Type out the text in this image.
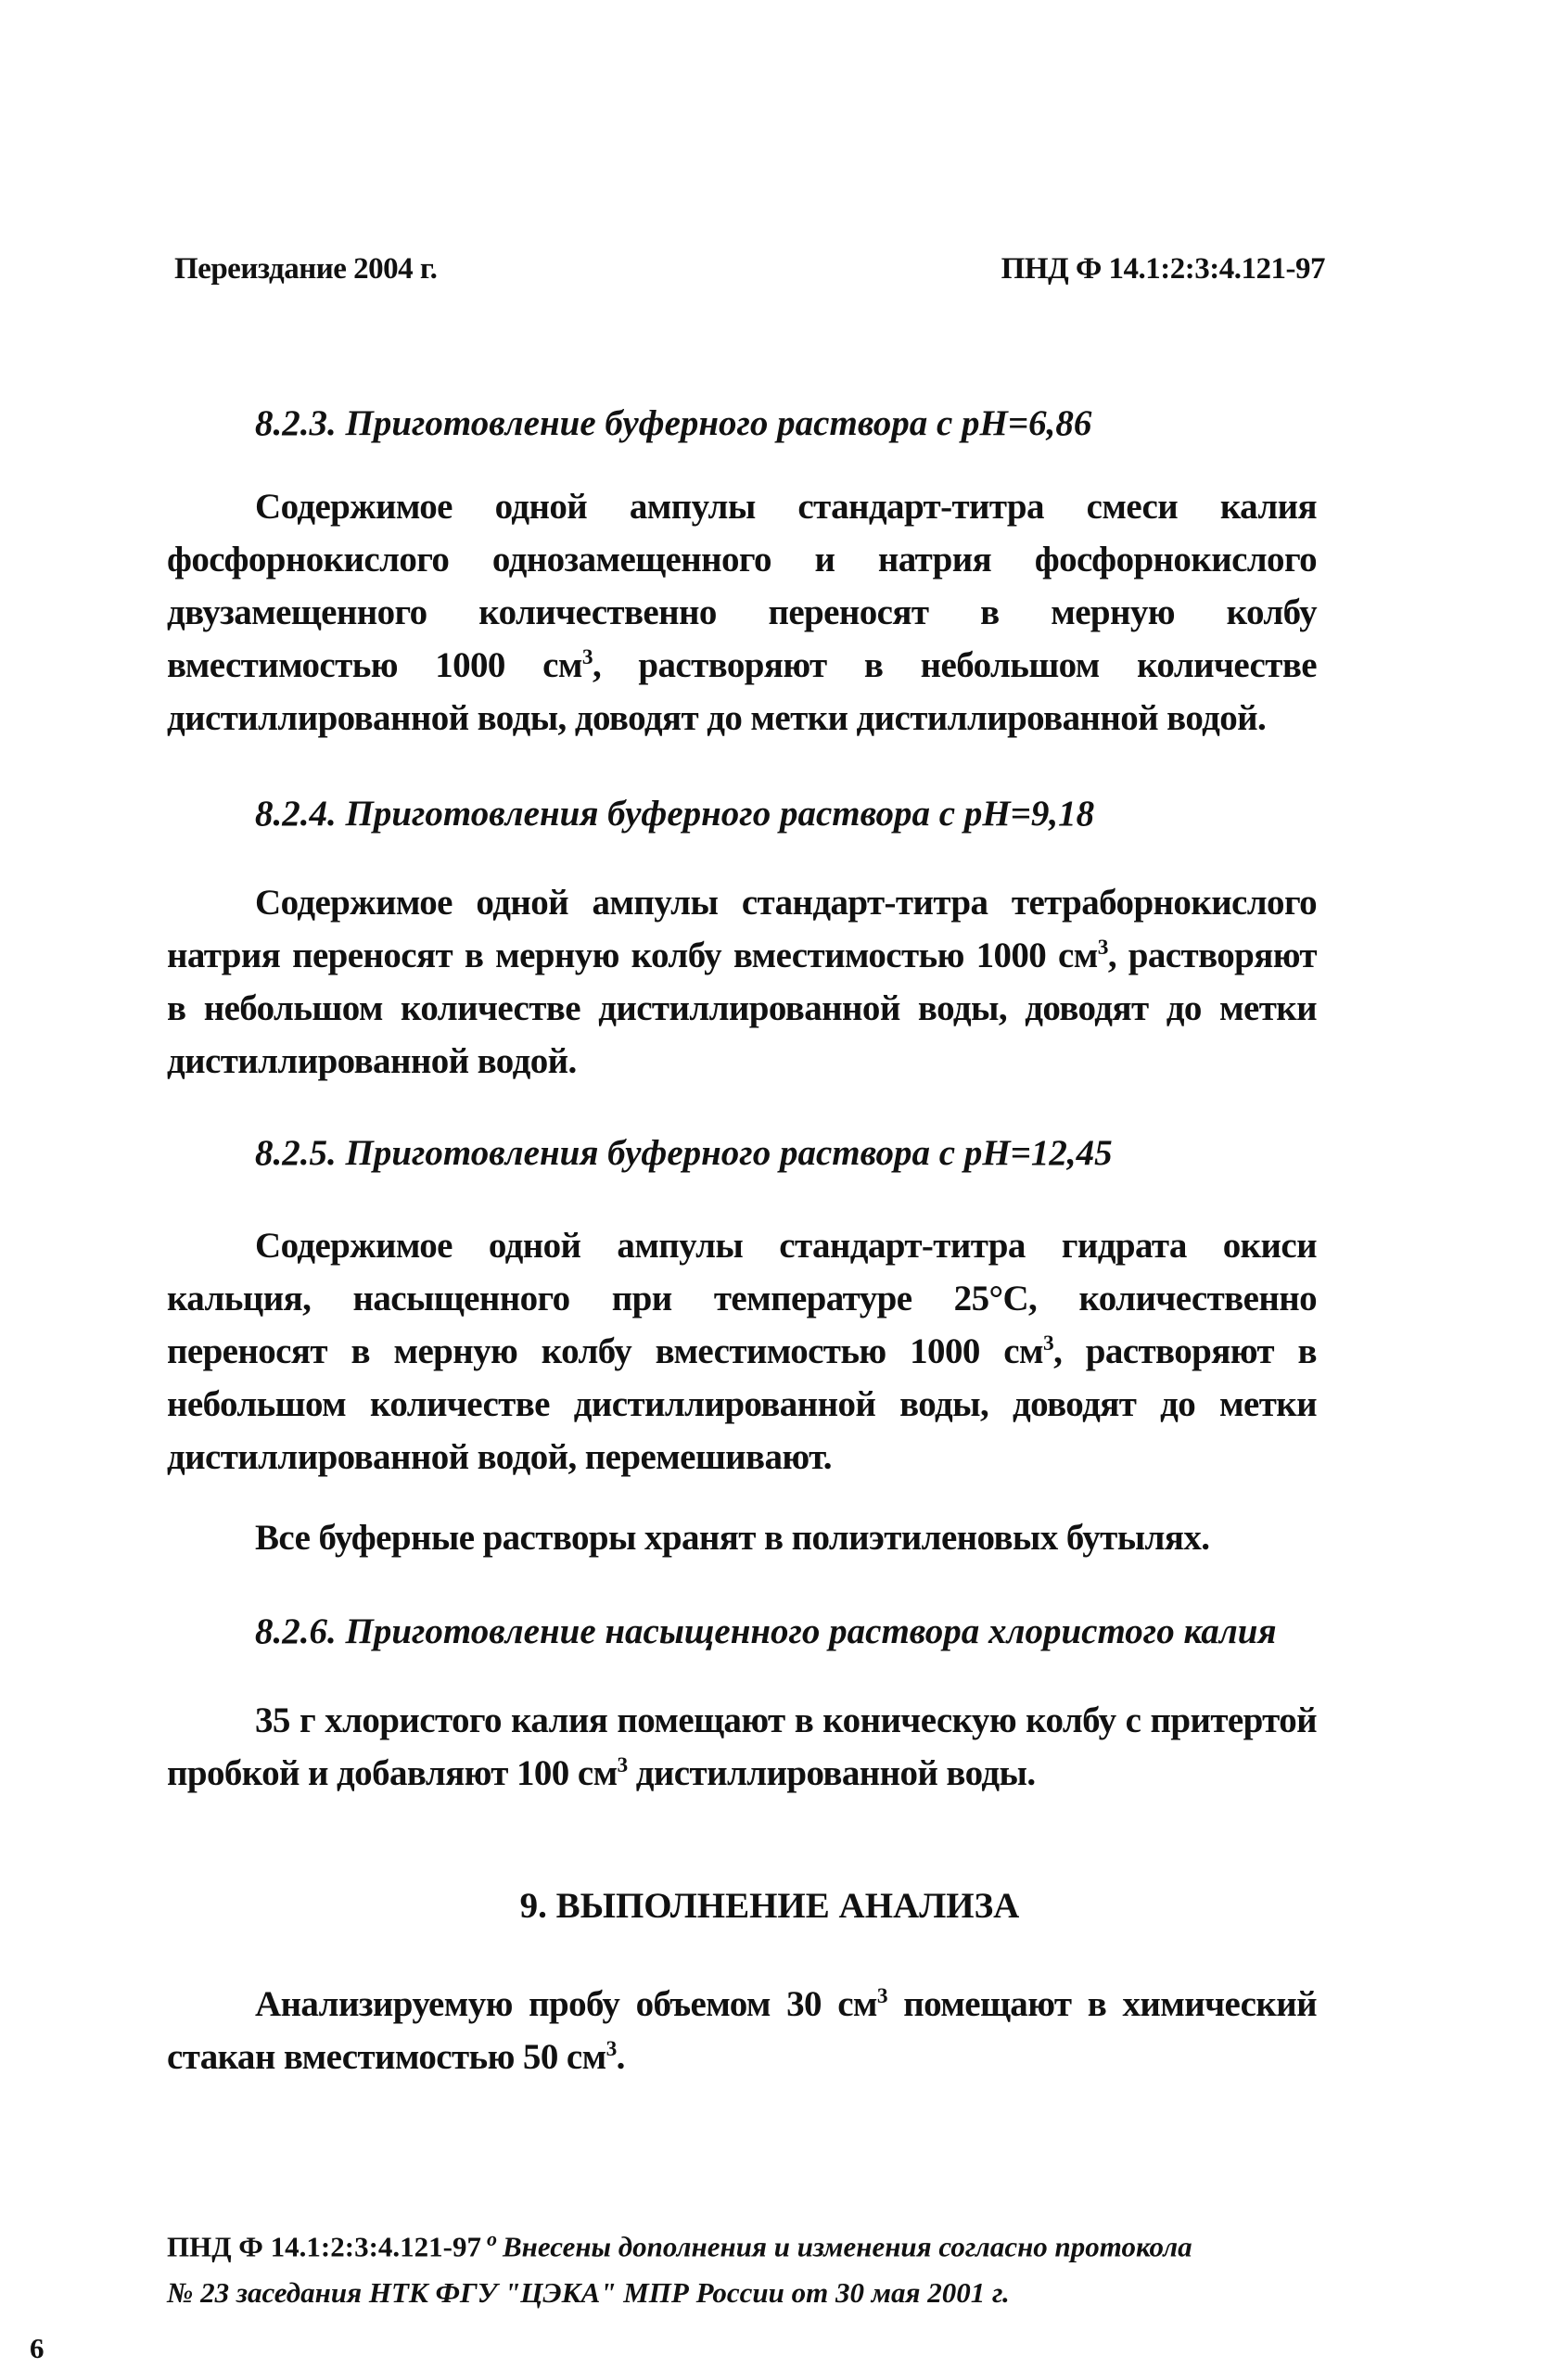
Переиздание 2004 г.	ПНД Ф 14.1:2:3:4.121-97

8.2.3. Приготовление буферного раствора с pH=6,86

Содержимое одной ампулы стандарт-титра смеси калия фосфорнокислого однозамещенного и натрия фосфорнокислого двузамещенного количественно переносят в мерную колбу вместимостью 1000 $см^3$, растворяют в небольшом количестве дистиллированной воды, доводят до метки дистиллированной водой.

8.2.4. Приготовления буферного раствора с pH=9,18

Содержимое одной ампулы стандарт-титра тетраборнокислого натрия переносят в мерную колбу вместимостью 1000 $см^3$, растворяют в небольшом количестве дистиллированной воды, доводят до метки дистиллированной водой.

8.2.5. Приготовления буферного раствора с pH=12,45

Содержимое одной ампулы стандарт-титра гидрата окиси кальция, насыщенного при температуре 25°С, количественно переносят в мерную колбу вместимостью 1000 $см^3$, растворяют в небольшом количестве дистиллированной воды, доводят до метки дистиллированной водой, перемешивают.

Все буферные растворы хранят в полиэтиленовых бутылях.

8.2.6. Приготовление насыщенного раствора хлористого калия

35 г хлористого калия помещают в коническую колбу с притертой пробкой и добавляют 100 $см^3$ дистиллированной воды.

9. ВЫПОЛНЕНИЕ АНАЛИЗА

Анализируемую пробу объемом 30 $см^3$ помещают в химический стакан вместимостью 50 $см^3$.

ПНД Ф 14.1:2:3:4.121-97 $^о$ Внесены дополнения и изменения согласно протокола
№ 23 заседания НТК ФГУ "ЦЭКА" МПР России от 30 мая 2001 г.
6
